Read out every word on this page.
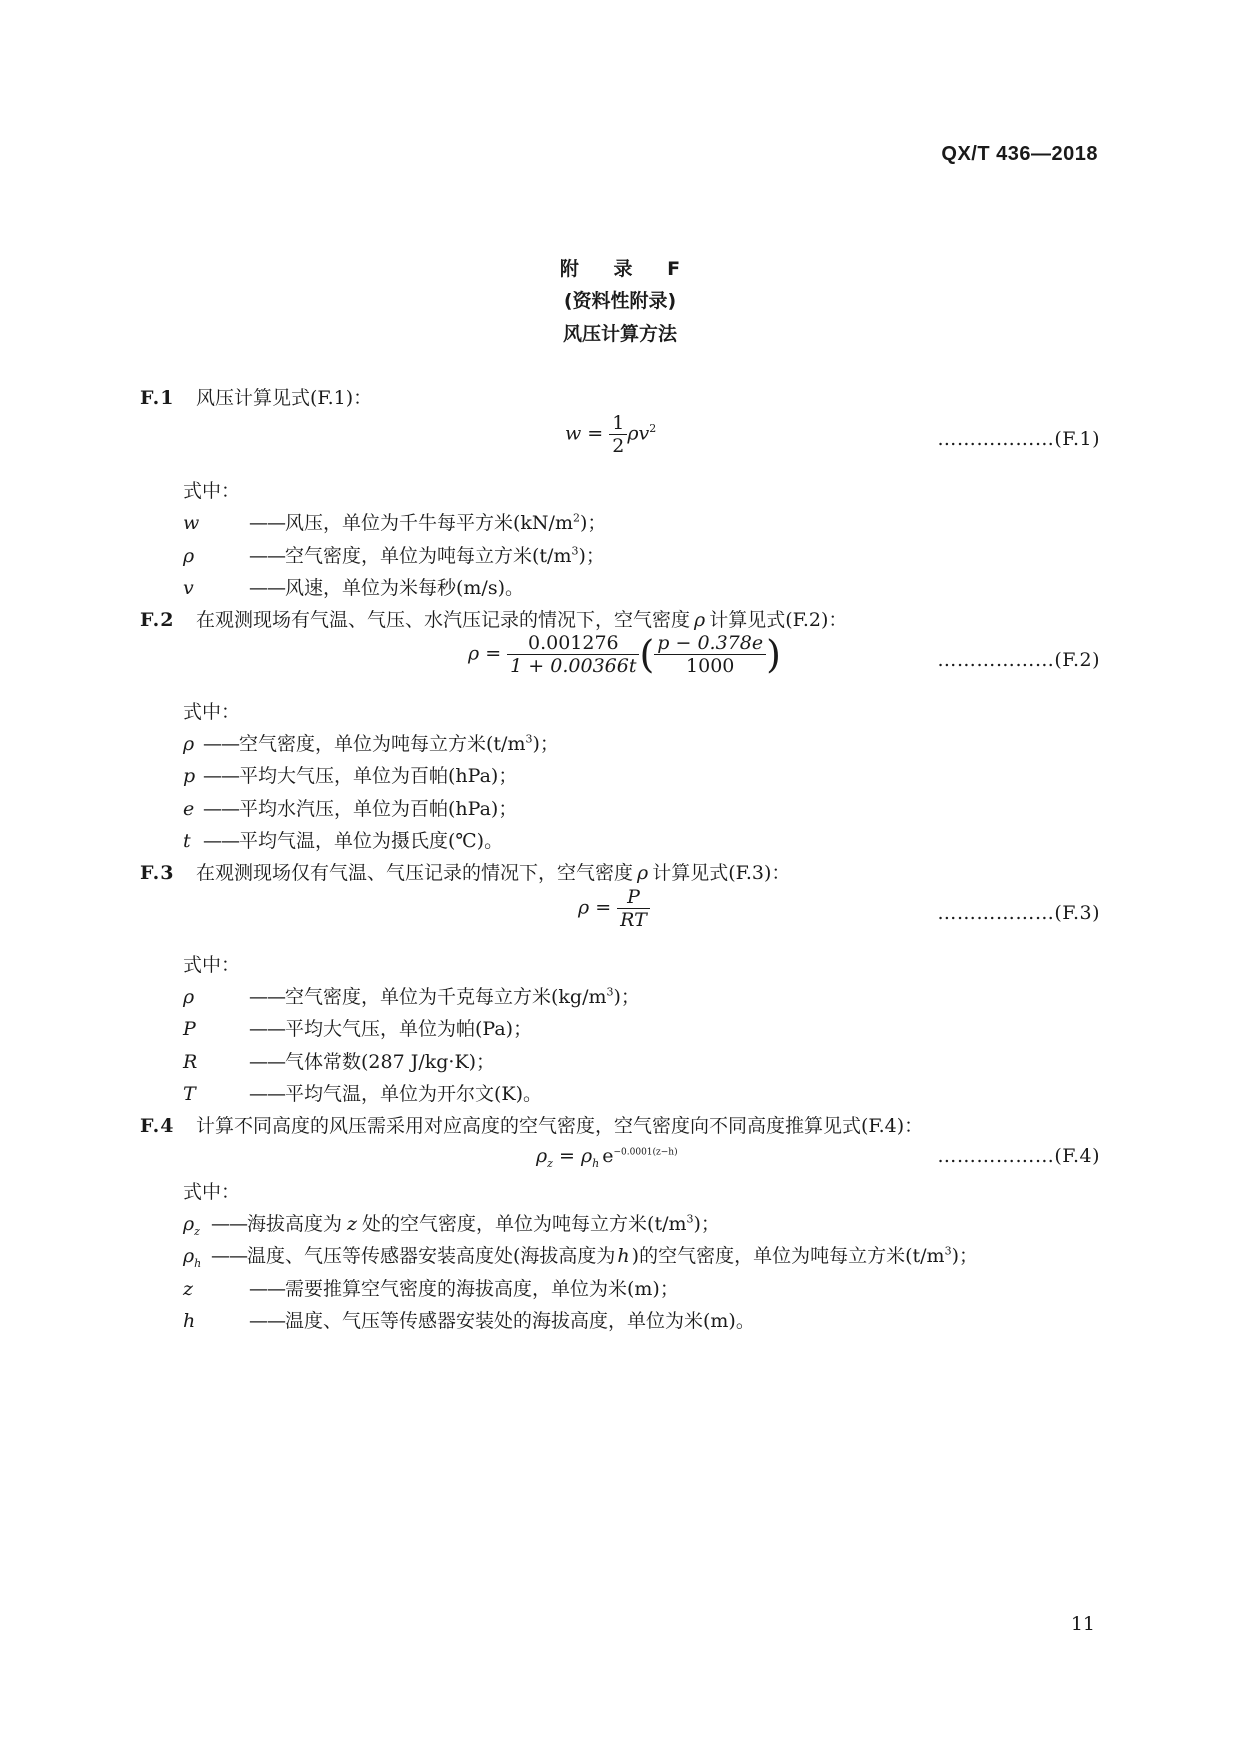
QX/T 436—2018
附 录 F
(资料性附录)
风压计算方法
F.1 风压计算见式(F.1)：
$w = \frac{1}{2} \rho v^2$	………………(F.1)
式中：
w	——风压，单位为千牛每平方米$(kN/m^2)$；
ρ	——空气密度，单位为吨每立方米$(t/m^3)$；
v	——风速，单位为米每秒(m/s)。
F.2 在观测现场有气温、气压、水汽压记录的情况下，空气密度 ρ 计算见式(F.2)：
$\rho = \frac{0.001276}{1 + 0.00366t}$ ( $\frac{p - 0.378e}{1000}$ )	………………(F.2)
式中：
ρ ——空气密度，单位为吨每立方米$(t/m^3)$；
p ——平均大气压，单位为百帕(hPa)；
e ——平均水汽压，单位为百帕(hPa)；
t ——平均气温，单位为摄氏度(℃)。
F.3 在观测现场仅有气温、气压记录的情况下，空气密度 ρ 计算见式(F.3)：
$\rho = \frac{P}{RT}$	………………(F.3)
式中：
ρ	——空气密度，单位为千克每立方米$(kg/m^3)$；
P	——平均大气压，单位为帕(Pa)；
R	——气体常数(287 J/kg·K)；
T	——平均气温，单位为开尔文(K)。
F.4 计算不同高度的风压需采用对应高度的空气密度，空气密度向不同高度推算见式(F.4)：
$\rho_z = \rho_h$ $e^{-0.0001(z-h)}$	………………(F.4)
式中：
$\rho_z$ ——海拔高度为 z 处的空气密度，单位为吨每立方米$(t/m^3)$；
$\rho_h$ ——温度、气压等传感器安装高度处(海拔高度为 h )的空气密度，单位为吨每立方米$(t/m^3)$；
z	——需要推算空气密度的海拔高度，单位为米(m)；
h	——温度、气压等传感器安装处的海拔高度，单位为米(m)。
11
